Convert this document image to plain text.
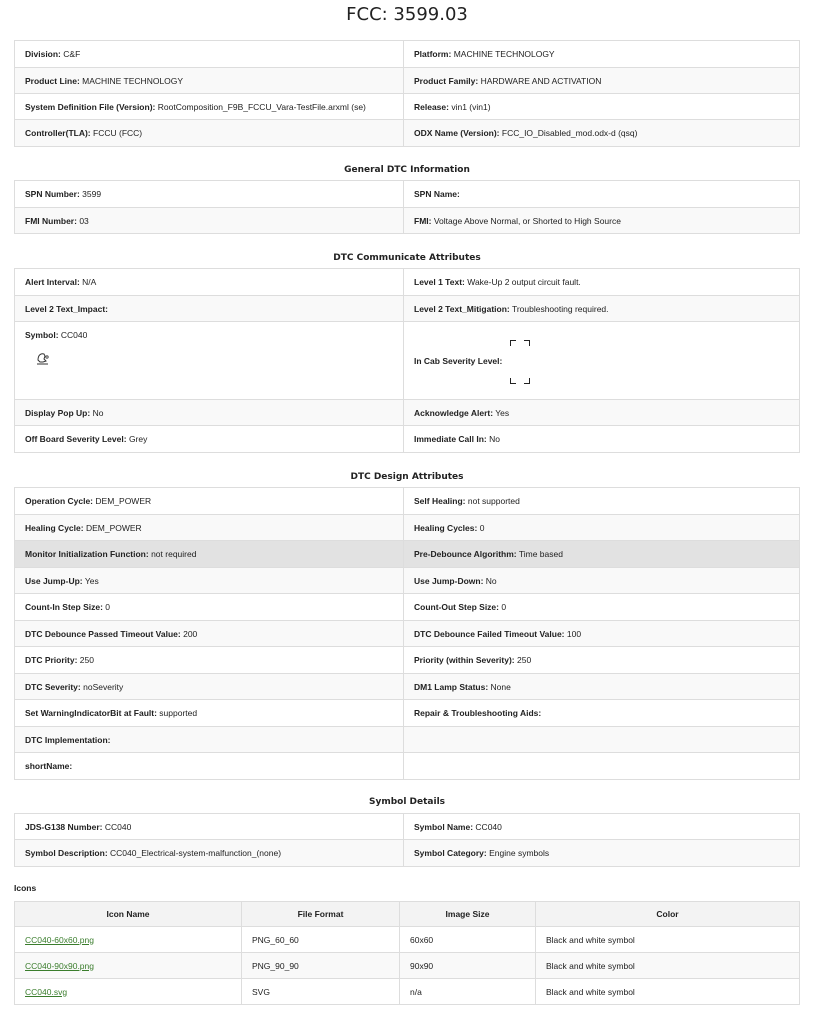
FCC: 3599.03
Division: C&F	Platform: MACHINE TECHNOLOGY
Product Line: MACHINE TECHNOLOGY	Product Family: HARDWARE AND ACTIVATION
System Definition File (Version): RootComposition_F9B_FCCU_Vara-TestFile.arxml (se)	Release: vin1 (vin1)
Controller(TLA): FCCU (FCC)	ODX Name (Version): FCC_IO_Disabled_mod.odx-d (qsq)
General DTC Information
SPN Number: 3599	SPN Name:
FMI Number: 03	FMI: Voltage Above Normal, or Shorted to High Source
DTC Communicate Attributes
Alert Interval: N/A	Level 1 Text: Wake-Up 2 output circuit fault.
Level 2 Text_Impact:	Level 2 Text_Mitigation: Troubleshooting required.
Symbol: CC040	In Cab Severity Level:

Display Pop Up: No	Acknowledge Alert: Yes
Off Board Severity Level: Grey	Immediate Call In: No
DTC Design Attributes
Operation Cycle: DEM_POWER	Self Healing: not supported
Healing Cycle: DEM_POWER	Healing Cycles: 0
Monitor Initialization Function: not required	Pre-Debounce Algorithm: Time based
Use Jump-Up: Yes	Use Jump-Down: No
Count-In Step Size: 0	Count-Out Step Size: 0
DTC Debounce Passed Timeout Value: 200	DTC Debounce Failed Timeout Value: 100
DTC Priority: 250	Priority (within Severity): 250
DTC Severity: noSeverity	DM1 Lamp Status: None
Set WarningIndicatorBit at Fault: supported	Repair & Troubleshooting Aids:
DTC Implementation:	
shortName:	
Symbol Details
JDS-G138 Number: CC040	Symbol Name: CC040
Symbol Description: CC040_Electrical-system-malfunction_(none)	Symbol Category: Engine symbols
Icons
Icon Name	File Format	Image Size	Color
CC040-60x60.png	PNG_60_60	60x60	Black and white symbol
CC040-90x90.png	PNG_90_90	90x90	Black and white symbol
CC040.svg	SVG	n/a	Black and white symbol
